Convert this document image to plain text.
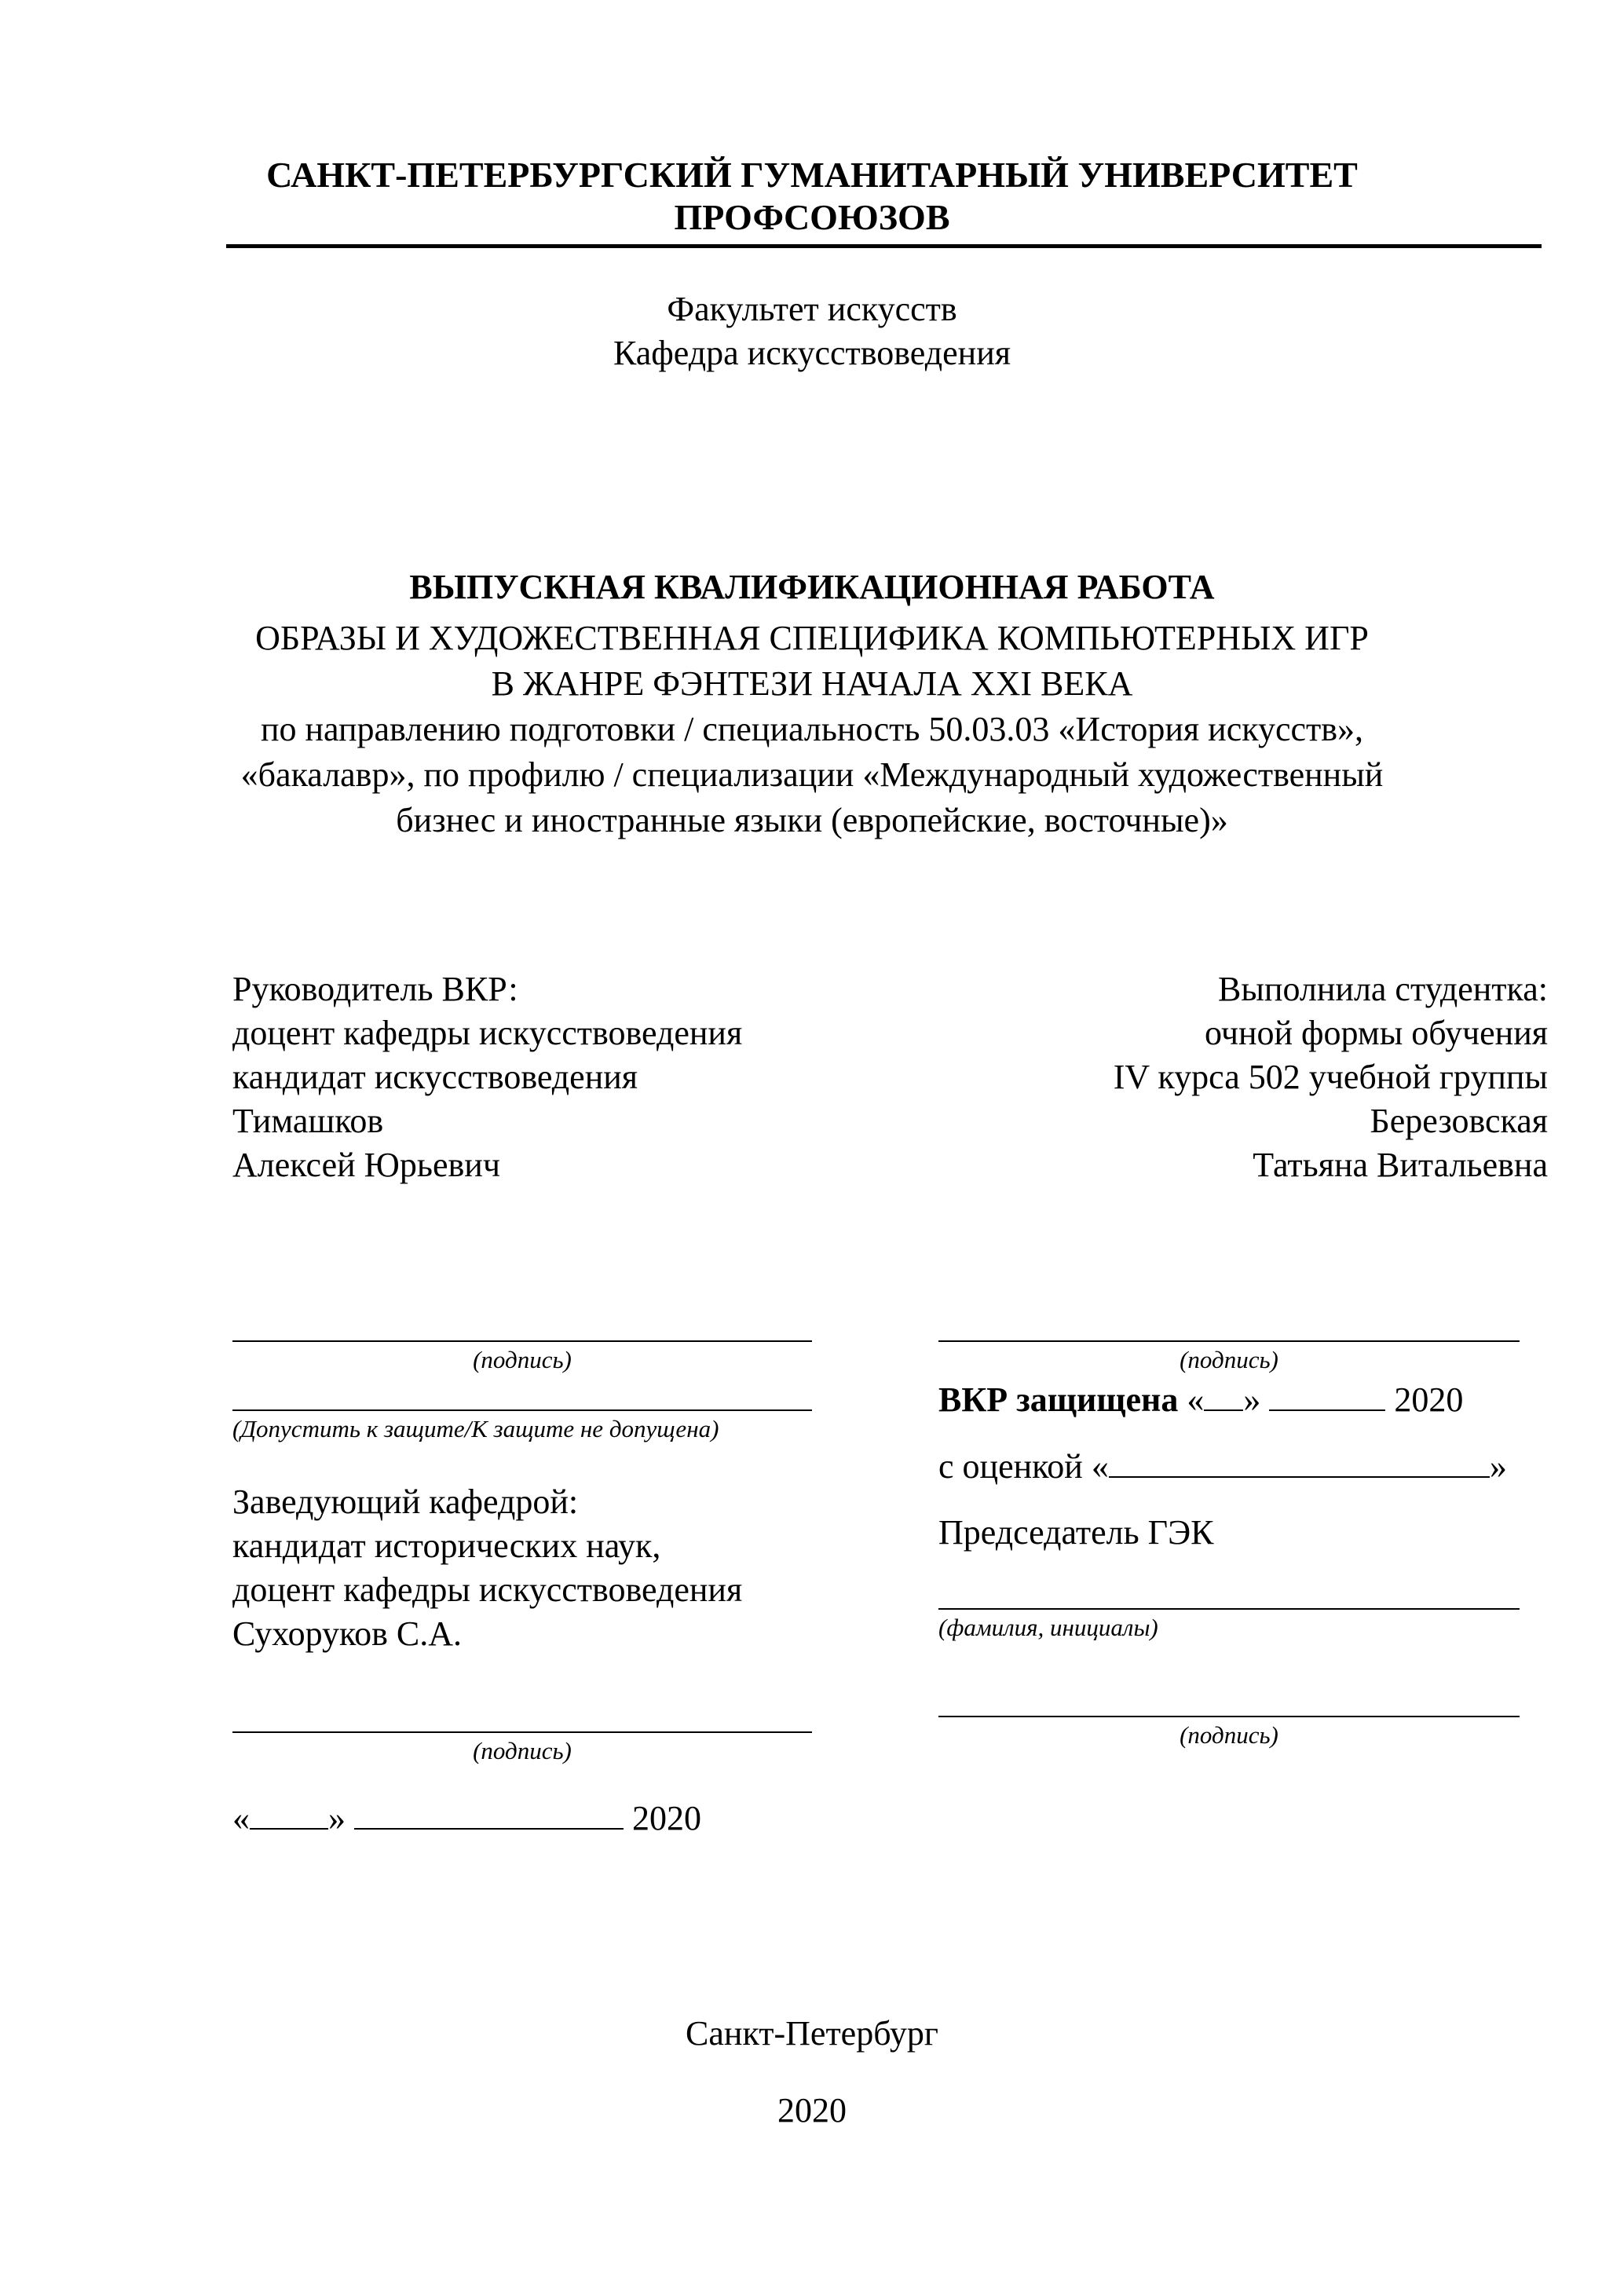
САНКТ-ПЕТЕРБУРГСКИЙ ГУМАНИТАРНЫЙ УНИВЕРСИТЕТ
ПРОФСОЮЗОВ
Факультет искусств
Кафедра искусствоведения
ВЫПУСКНАЯ КВАЛИФИКАЦИОННАЯ РАБОТА
ОБРАЗЫ И ХУДОЖЕСТВЕННАЯ СПЕЦИФИКА КОМПЬЮТЕРНЫХ ИГР
В ЖАНРЕ ФЭНТЕЗИ НАЧАЛА XXI ВЕКА
по направлению подготовки / специальность 50.03.03 «История искусств»,
«бакалавр», по профилю / специализации «Международный художественный
бизнес и иностранные языки (европейские, восточные)»
Руководитель ВКР:
доцент кафедры искусствоведения
кандидат искусствоведения
Тимашков
Алексей Юрьевич
Выполнила студентка:
очной формы обучения
IV курса 502 учебной группы
Березовская
Татьяна Витальевна
(подпись)
(Допустить к защите/К защите не допущена)
Заведующий кафедрой:
кандидат исторических наук,
доцент кафедры искусствоведения
Сухоруков С.А.
(подпись)
« »	2020
(подпись)
ВКР защищена « »	2020
с оценкой «	»
Председатель ГЭК
(фамилия, инициалы)
(подпись)
Санкт-Петербург
2020
